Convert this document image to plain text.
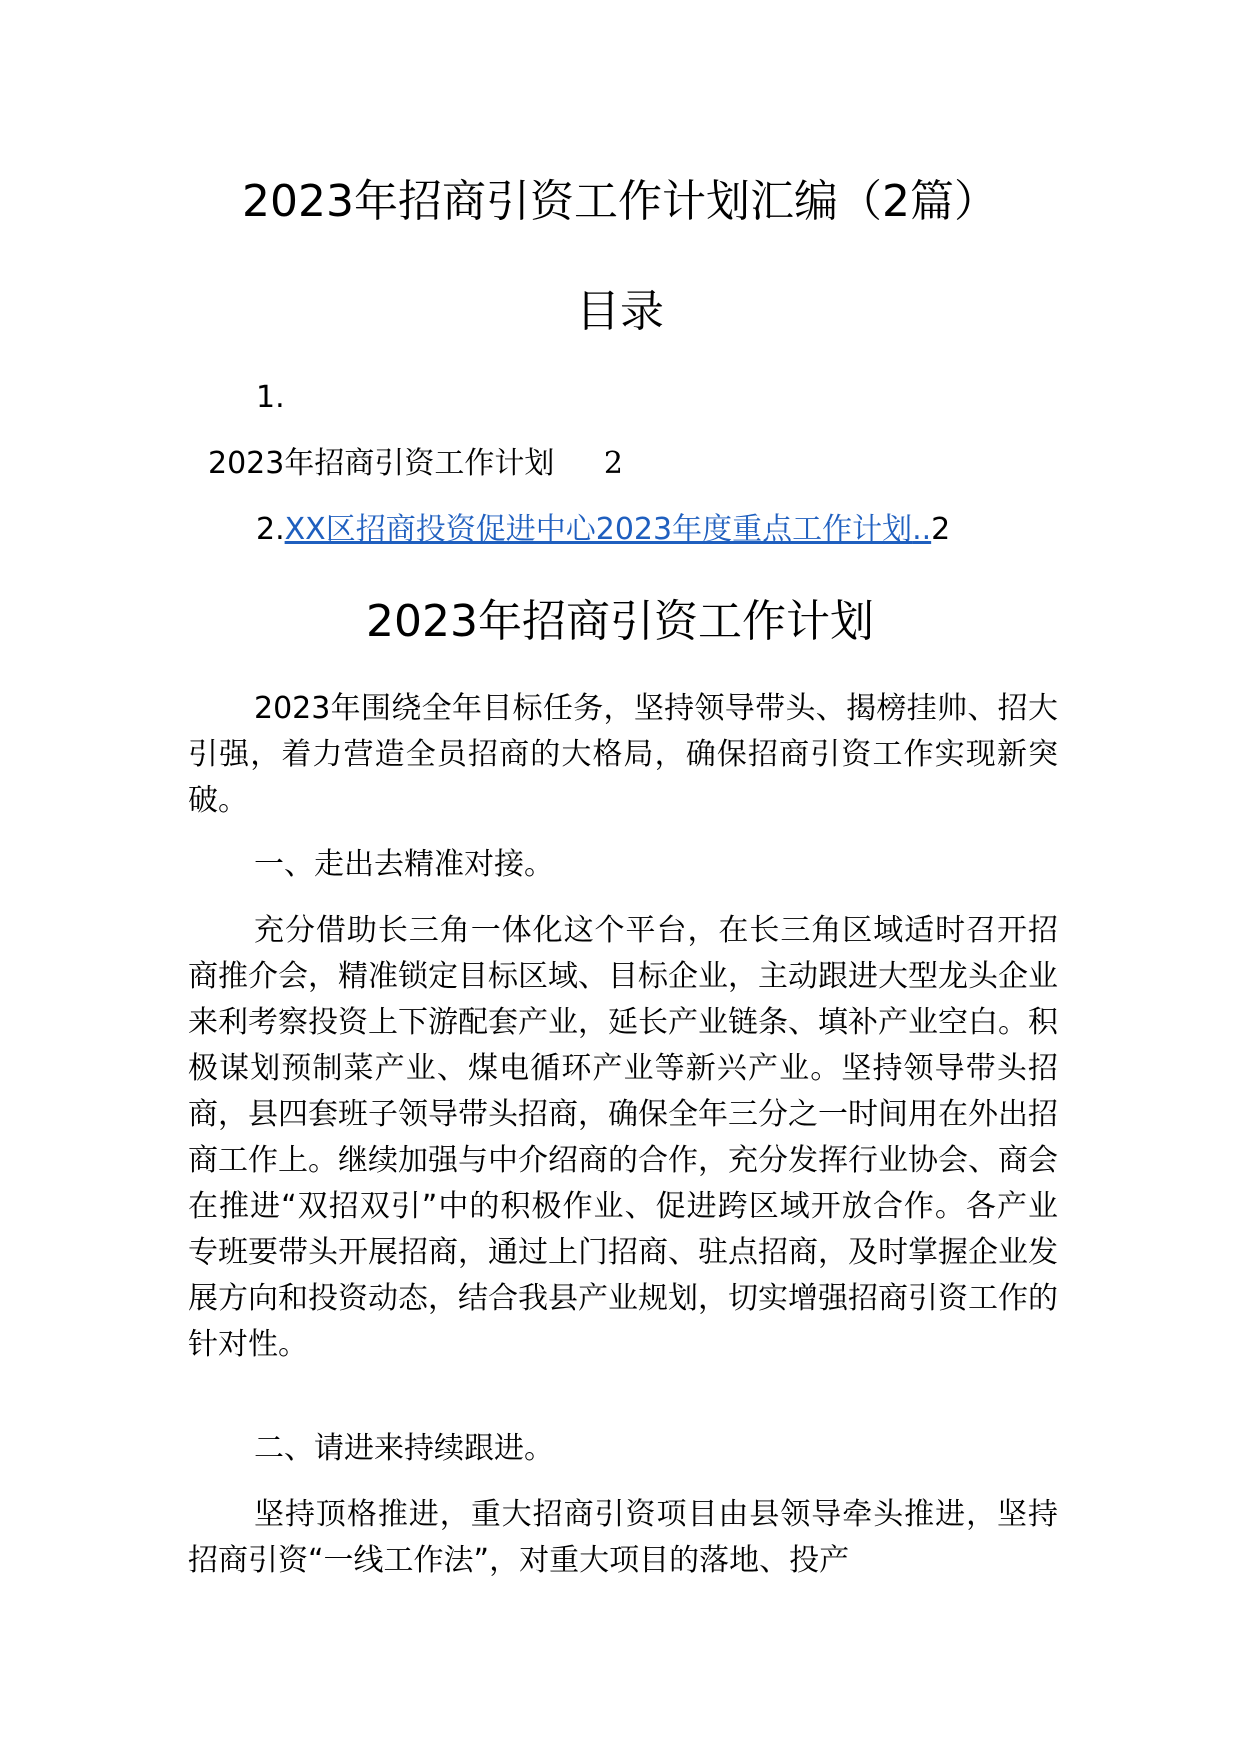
2023年招商引资工作计划汇编（2篇）
目录
1.
2023年招商引资工作计划 2
2.XX区招商投资促进中心2023年度重点工作计划..2
2023年招商引资工作计划

2023年围绕全年目标任务，坚持领导带头、揭榜挂帅、招大引强，着力营造全员招商的大格局，确保招商引资工作实现新突破。

一、走出去精准对接。

充分借助长三角一体化这个平台，在长三角区域适时召开招商推介会，精准锁定目标区域、目标企业，主动跟进大型龙头企业来利考察投资上下游配套产业，延长产业链条、填补产业空白。积极谋划预制菜产业、煤电循环产业等新兴产业。坚持领导带头招商，县四套班子领导带头招商，确保全年三分之一时间用在外出招商工作上。继续加强与中介绍商的合作，充分发挥行业协会、商会在推进“双招双引”中的积极作业、促进跨区域开放合作。各产业专班要带头开展招商，通过上门招商、驻点招商，及时掌握企业发展方向和投资动态，结合我县产业规划，切实增强招商引资工作的针对性。

二、请进来持续跟进。

坚持顶格推进，重大招商引资项目由县领导牵头推进，坚持招商引资“一线工作法”，对重大项目的落地、投产
